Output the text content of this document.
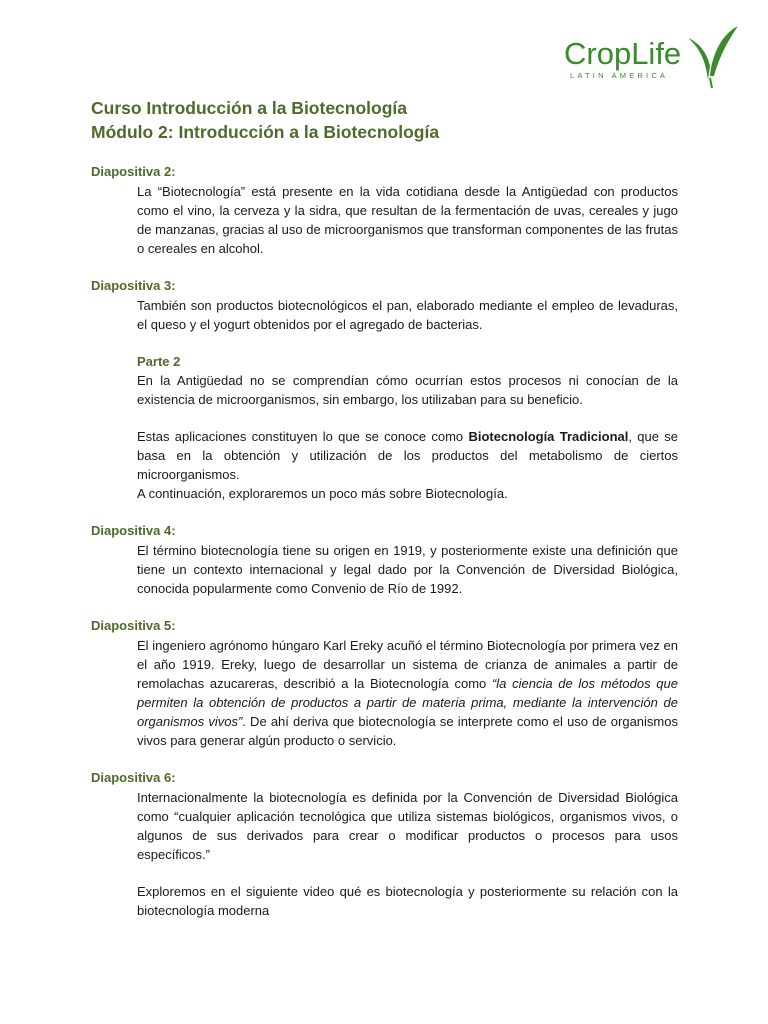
CropLife
LATIN AMERICA
Curso Introducción a la Biotecnología
Módulo 2: Introducción a la Biotecnología
Diapositiva 2:

La “Biotecnología” está presente en la vida cotidiana desde la Antigüedad con productos como el vino, la cerveza y la sidra, que resultan de la fermentación de uvas, cereales y jugo de manzanas, gracias al uso de microorganismos que transforman componentes de las frutas o cereales en alcohol.

Diapositiva 3:

También son productos biotecnológicos el pan, elaborado mediante el empleo de levaduras, el queso y el yogurt obtenidos por el agregado de bacterias.

Parte 2

En la Antigüedad no se comprendían cómo ocurrían estos procesos ni conocían de la existencia de microorganismos, sin embargo, los utilizaban para su beneficio.

Estas aplicaciones constituyen lo que se conoce como Biotecnología Tradicional, que se basa en la obtención y utilización de los productos del metabolismo de ciertos microorganismos.

A continuación, exploraremos un poco más sobre Biotecnología.

Diapositiva 4:

El término biotecnología tiene su origen en 1919, y posteriormente existe una definición que tiene un contexto internacional y legal dado por la Convención de Diversidad Biológica, conocida popularmente como Convenio de Río de 1992.

Diapositiva 5:

El ingeniero agrónomo húngaro Karl Ereky acuñó el término Biotecnología por primera vez en el año 1919. Ereky, luego de desarrollar un sistema de crianza de animales a partir de remolachas azucareras, describió a la Biotecnología como “la ciencia de los métodos que permiten la obtención de productos a partir de materia prima, mediante la intervención de organismos vivos”. De ahí deriva que biotecnología se interprete como el uso de organismos vivos para generar algún producto o servicio.

Diapositiva 6:

Internacionalmente la biotecnología es definida por la Convención de Diversidad Biológica como “cualquier aplicación tecnológica que utiliza sistemas biológicos, organismos vivos, o algunos de sus derivados para crear o modificar productos o procesos para usos específicos.”

Exploremos en el siguiente video qué es biotecnología y posteriormente su relación con la biotecnología moderna
